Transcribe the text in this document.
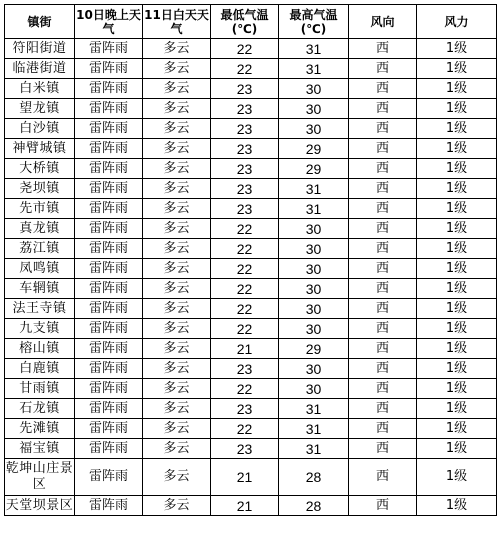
镇街	10日晚上天气	11日白天天气	最低气温(℃)	最高气温(℃)	风向	风力
符阳街道	雷阵雨	多云	22	31	西	1级
临港街道	雷阵雨	多云	22	31	西	1级
白米镇	雷阵雨	多云	23	30	西	1级
望龙镇	雷阵雨	多云	23	30	西	1级
白沙镇	雷阵雨	多云	23	30	西	1级
神臂城镇	雷阵雨	多云	23	29	西	1级
大桥镇	雷阵雨	多云	23	29	西	1级
尧坝镇	雷阵雨	多云	23	31	西	1级
先市镇	雷阵雨	多云	23	31	西	1级
真龙镇	雷阵雨	多云	22	30	西	1级
荔江镇	雷阵雨	多云	22	30	西	1级
凤鸣镇	雷阵雨	多云	22	30	西	1级
车辋镇	雷阵雨	多云	22	30	西	1级
法王寺镇	雷阵雨	多云	22	30	西	1级
九支镇	雷阵雨	多云	22	30	西	1级
榕山镇	雷阵雨	多云	21	29	西	1级
白鹿镇	雷阵雨	多云	23	30	西	1级
甘雨镇	雷阵雨	多云	22	30	西	1级
石龙镇	雷阵雨	多云	23	31	西	1级
先滩镇	雷阵雨	多云	22	31	西	1级
福宝镇	雷阵雨	多云	23	31	西	1级
乾坤山庄景区	雷阵雨	多云	21	28	西	1级
天堂坝景区	雷阵雨	多云	21	28	西	1级
